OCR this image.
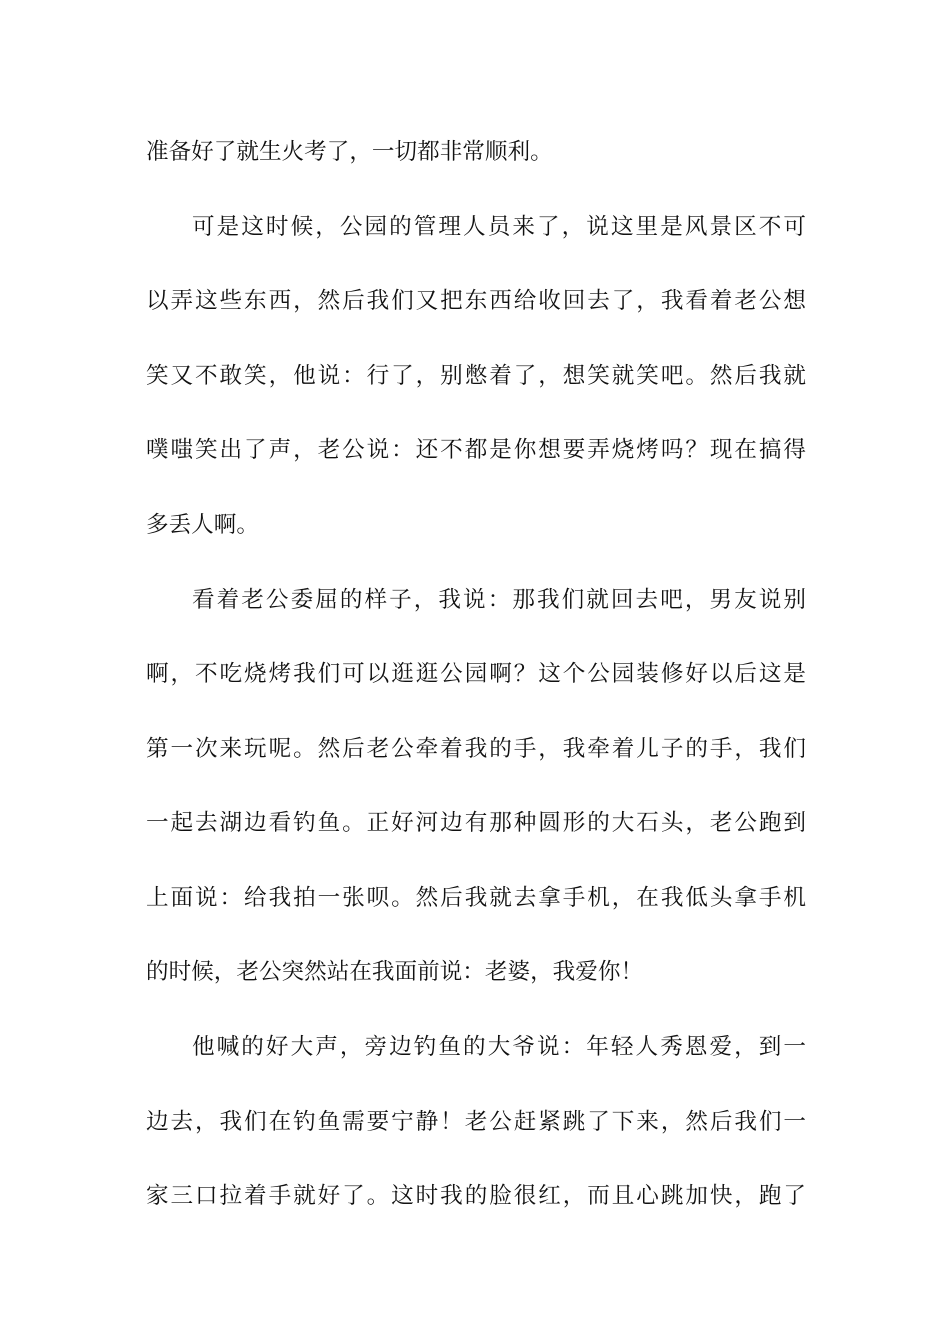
准备好了就生火考了，一切都非常顺利。
可是这时候，公园的管理人员来了，说这里是风景区不可
以弄这些东西，然后我们又把东西给收回去了，我看着老公想
笑又不敢笑，他说：行了，别憋着了，想笑就笑吧。然后我就
噗嗤笑出了声，老公说：还不都是你想要弄烧烤吗？现在搞得
多丢人啊。
看着老公委屈的样子，我说：那我们就回去吧，男友说别
啊，不吃烧烤我们可以逛逛公园啊？这个公园装修好以后这是
第一次来玩呢。然后老公牵着我的手，我牵着儿子的手，我们
一起去湖边看钓鱼。正好河边有那种圆形的大石头，老公跑到
上面说：给我拍一张呗。然后我就去拿手机，在我低头拿手机
的时候，老公突然站在我面前说：老婆，我爱你！
他喊的好大声，旁边钓鱼的大爷说：年轻人秀恩爱，到一
边去，我们在钓鱼需要宁静！老公赶紧跳了下来，然后我们一
家三口拉着手就好了。这时我的脸很红，而且心跳加快，跑了
